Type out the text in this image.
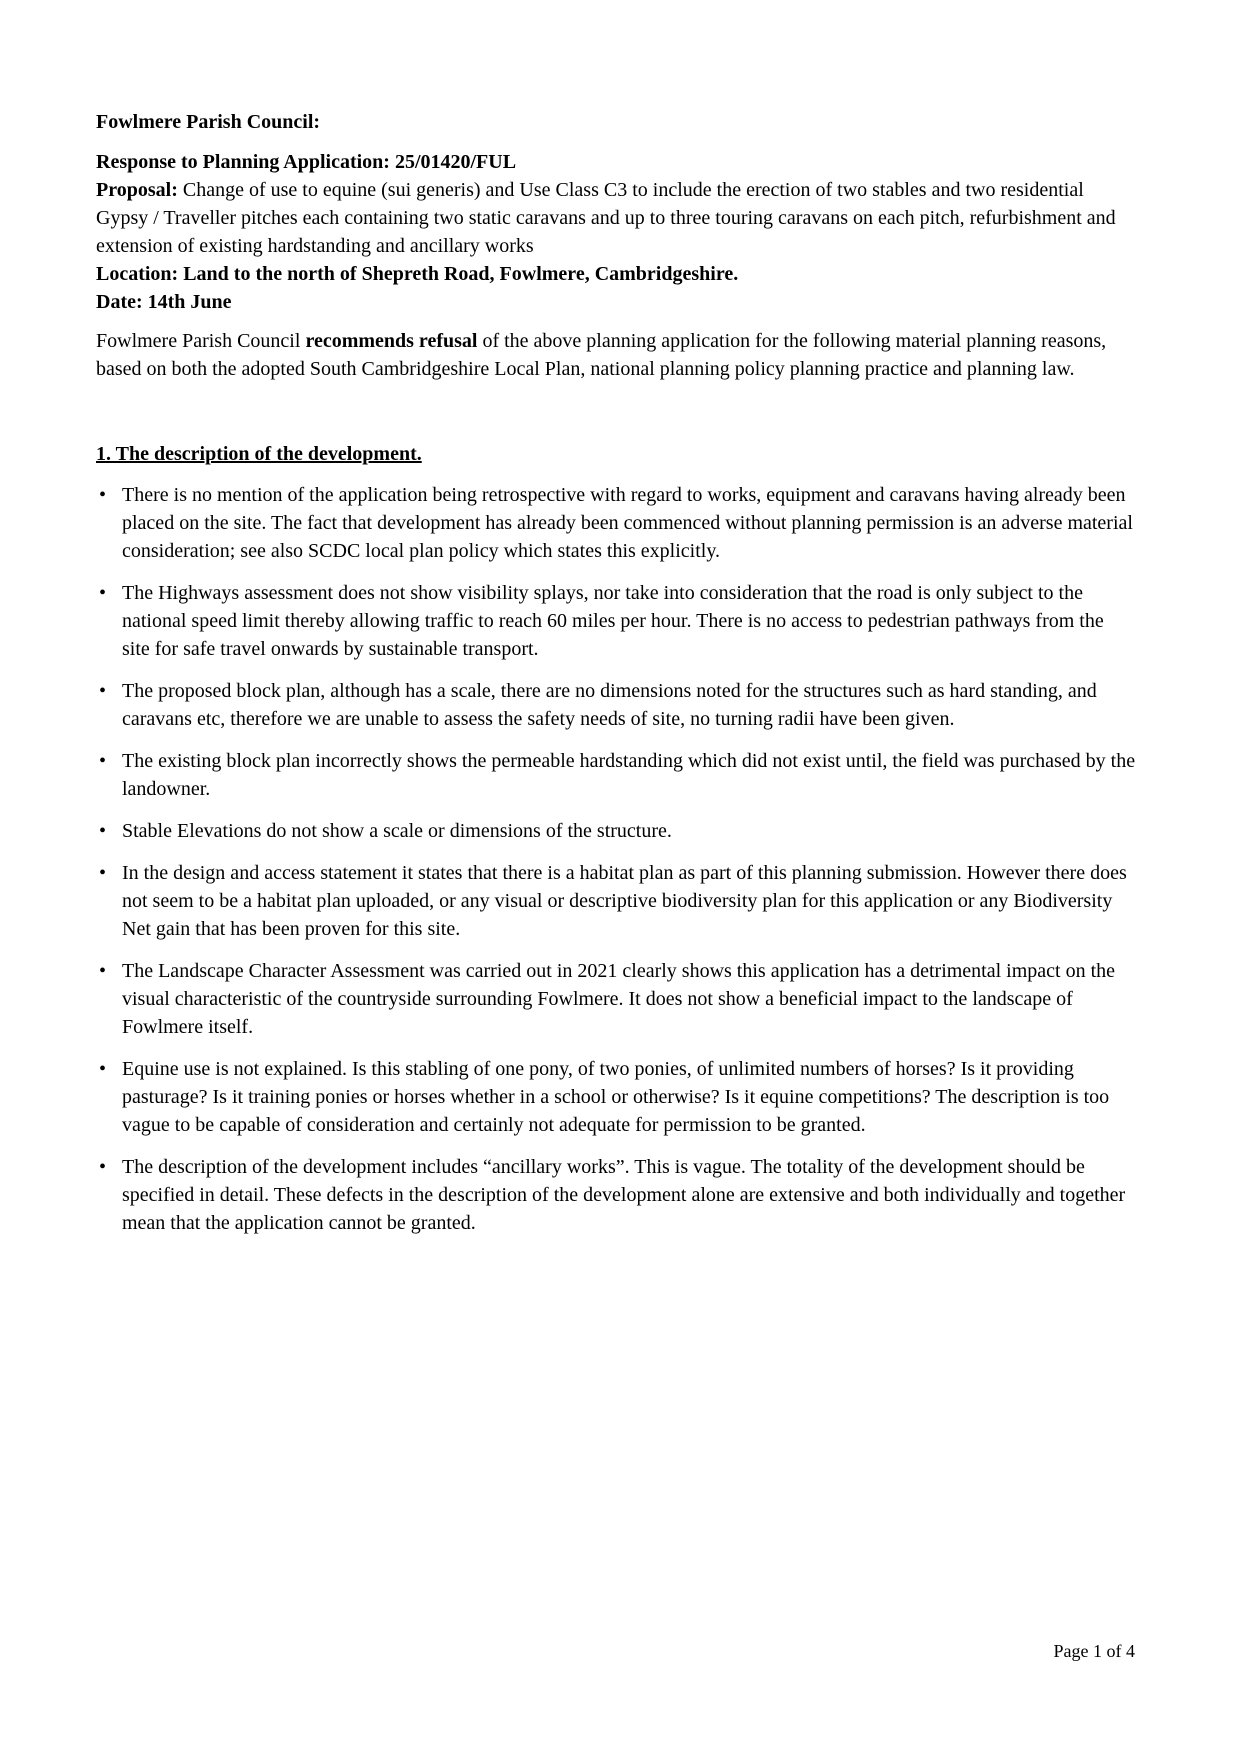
Fowlmere Parish Council:

Response to Planning Application: 25/01420/FUL

Proposal: Change of use to equine (sui generis) and Use Class C3 to include the erection of two stables and two residential Gypsy / Traveller pitches each containing two static caravans and up to three touring caravans on each pitch, refurbishment and extension of existing hardstanding and ancillary works

Location: Land to the north of Shepreth Road, Fowlmere, Cambridgeshire.

Date: 14th June

Fowlmere Parish Council recommends refusal of the above planning application for the following material planning reasons, based on both the adopted South Cambridgeshire Local Plan, national planning policy planning practice and planning law.

1. The description of the development.
• There is no mention of the application being retrospective with regard to works, equipment and caravans having already been placed on the site. The fact that development has already been commenced without planning permission is an adverse material consideration; see also SCDC local plan policy which states this explicitly.
• The Highways assessment does not show visibility splays, nor take into consideration that the road is only subject to the national speed limit thereby allowing traffic to reach 60 miles per hour. There is no access to pedestrian pathways from the site for safe travel onwards by sustainable transport.
• The proposed block plan, although has a scale, there are no dimensions noted for the structures such as hard standing, and caravans etc, therefore we are unable to assess the safety needs of site, no turning radii have been given.
• The existing block plan incorrectly shows the permeable hardstanding which did not exist until, the field was purchased by the landowner.
• Stable Elevations do not show a scale or dimensions of the structure.
• In the design and access statement it states that there is a habitat plan as part of this planning submission. However there does not seem to be a habitat plan uploaded, or any visual or descriptive biodiversity plan for this application or any Biodiversity Net gain that has been proven for this site.
• The Landscape Character Assessment was carried out in 2021 clearly shows this application has a detrimental impact on the visual characteristic of the countryside surrounding Fowlmere. It does not show a beneficial impact to the landscape of Fowlmere itself.
• Equine use is not explained. Is this stabling of one pony, of two ponies, of unlimited numbers of horses? Is it providing pasturage? Is it training ponies or horses whether in a school or otherwise? Is it equine competitions? The description is too vague to be capable of consideration and certainly not adequate for permission to be granted.
• The description of the development includes “ancillary works”. This is vague. The totality of the development should be specified in detail. These defects in the description of the development alone are extensive and both individually and together mean that the application cannot be granted.
Page 1 of 4
